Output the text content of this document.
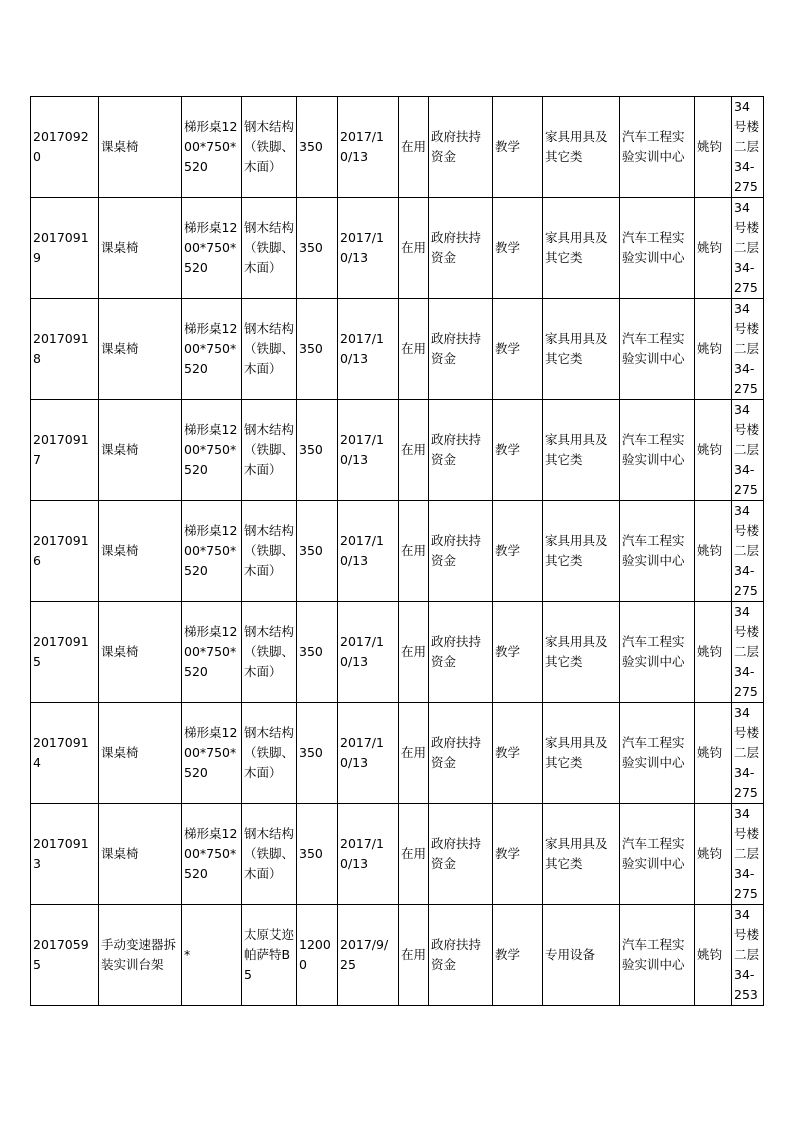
20170920	课桌椅	梯形桌1200*750*520	钢木结构（铁脚、木面）	350	2017/10/13	在用	政府扶持资金	教学	家具用具及其它类	汽车工程实验实训中心	姚钧	34号楼二层34-275
20170919	课桌椅	梯形桌1200*750*520	钢木结构（铁脚、木面）	350	2017/10/13	在用	政府扶持资金	教学	家具用具及其它类	汽车工程实验实训中心	姚钧	34号楼二层34-275
20170918	课桌椅	梯形桌1200*750*520	钢木结构（铁脚、木面）	350	2017/10/13	在用	政府扶持资金	教学	家具用具及其它类	汽车工程实验实训中心	姚钧	34号楼二层34-275
20170917	课桌椅	梯形桌1200*750*520	钢木结构（铁脚、木面）	350	2017/10/13	在用	政府扶持资金	教学	家具用具及其它类	汽车工程实验实训中心	姚钧	34号楼二层34-275
20170916	课桌椅	梯形桌1200*750*520	钢木结构（铁脚、木面）	350	2017/10/13	在用	政府扶持资金	教学	家具用具及其它类	汽车工程实验实训中心	姚钧	34号楼二层34-275
20170915	课桌椅	梯形桌1200*750*520	钢木结构（铁脚、木面）	350	2017/10/13	在用	政府扶持资金	教学	家具用具及其它类	汽车工程实验实训中心	姚钧	34号楼二层34-275
20170914	课桌椅	梯形桌1200*750*520	钢木结构（铁脚、木面）	350	2017/10/13	在用	政府扶持资金	教学	家具用具及其它类	汽车工程实验实训中心	姚钧	34号楼二层34-275
20170913	课桌椅	梯形桌1200*750*520	钢木结构（铁脚、木面）	350	2017/10/13	在用	政府扶持资金	教学	家具用具及其它类	汽车工程实验实训中心	姚钧	34号楼二层34-275
20170595	手动变速器拆装实训台架	*	太原艾迩帕萨特B5	12000	2017/9/25	在用	政府扶持资金	教学	专用设备	汽车工程实验实训中心	姚钧	34号楼二层34-253
